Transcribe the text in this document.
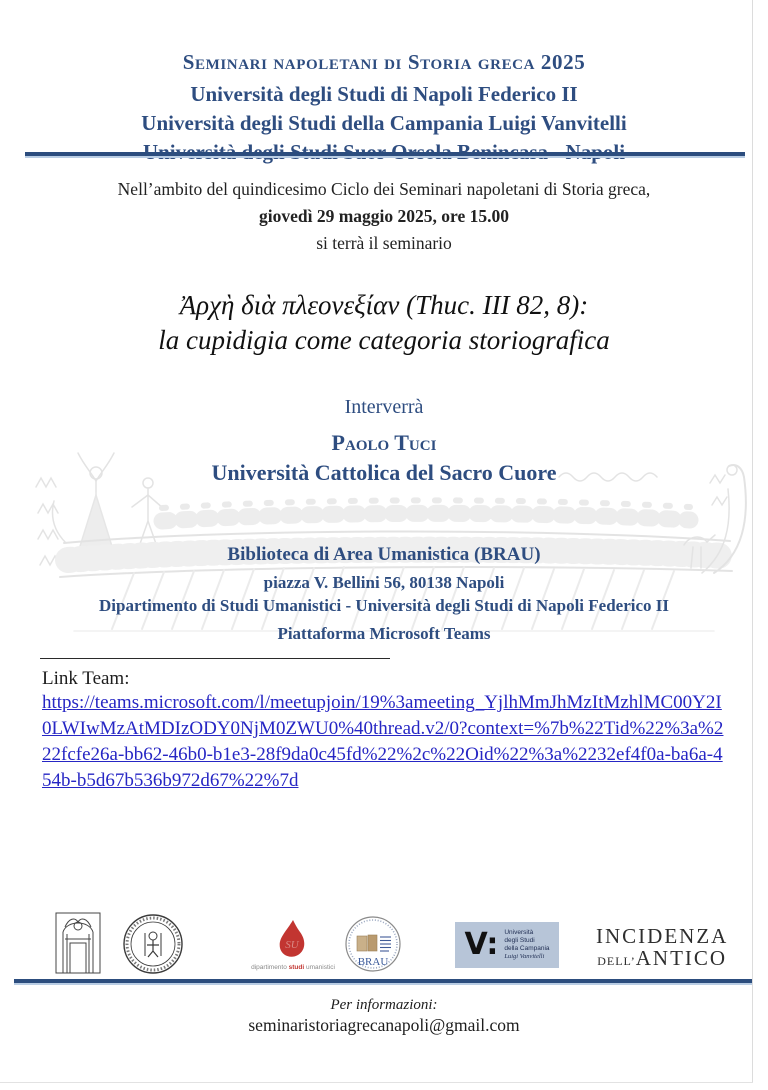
Seminari napoletani di Storia greca 2025
Università degli Studi di Napoli Federico II
Università degli Studi della Campania Luigi Vanvitelli
Nell’ambito del quindicesimo Ciclo dei Seminari napoletani di Storia greca,
giovedì 29 maggio 2025, ore 15.00
si terrà il seminario
Ἀρχὴ διὰ πλεονεξίαν (Thuc. III 82, 8):
la cupidigia come categoria storiografica
Interverrà
Paolo Tuci
Università Cattolica del Sacro Cuore
Biblioteca di Area Umanistica (BRAU)
piazza V. Bellini 56, 80138 Napoli
Dipartimento di Studi Umanistici - Università degli Studi di Napoli Federico II
Piattaforma Microsoft Teams
Link Team:
https://teams.microsoft.com/l/meetupjoin/19%3ameeting_YjlhMmJhMzItMzhlMC00Y2I0LWIwMzAtMDIzODY0NjM0ZWU0%40thread.v2/0?context=%7b%22Tid%22%3a%222fcfe26a-bb62-46b0-b1e3-28f9da0c45fd%22%2c%22Oid%22%3a%2232ef4f0a-ba6a-454b-b5d67b536b972d67%22%7d
SU
dipartimento studi umanistici	BRAU	V: Università
degli Studi
della Campania
Luigi Vanvitelli
INCIDENZA
DELL’ANTICO
Per informazioni:
seminaristoriagrecanapoli@gmail.com
